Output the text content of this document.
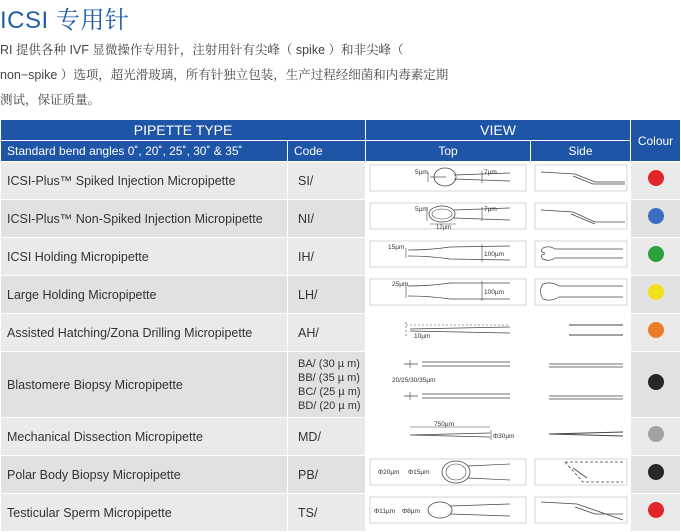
ICSI 专用针
RI 提供各种 IVF 显微操作专用针，注射用针有尖峰（ spike ）和非尖峰（ non−spike ）选项，超光滑玻璃，所有针独立包装，生产过程经细菌和内毒素定期测试，保证质量。
PIPETTE TYPE		VIEW		Colour
Standard bend angles 0˚, 20˚, 25˚, 30˚ & 35˚	Code	Top	Side	
ICSI-Plus™ Spiked Injection Micropipette	SI/	5µm 7µm

ICSI-Plus™ Non-Spiked Injection Micropipette	NI/	5µm 7µm
12µm

ICSI Holding Micropipette	IH/	15µm
100µm

Large Holding Micropipette	LH/	25µm
100µm

Assisted Hatching/Zona Drilling Micropipette	AH/	10µm

Blastomere Biopsy Micropipette	BA/ (30 µ m)
BB/ (35 µ m)
BC/ (25 µ m)
BD/ (20 µ m)	20/25/30/35µm

Mechanical Dissection Micropipette	MD/	750µm
Φ30µm

Polar Body Biopsy Micropipette	PB/	Φ20µm Φ15µm

Testicular Sperm Micropipette	TS/	Φ11µm Φ8µm
